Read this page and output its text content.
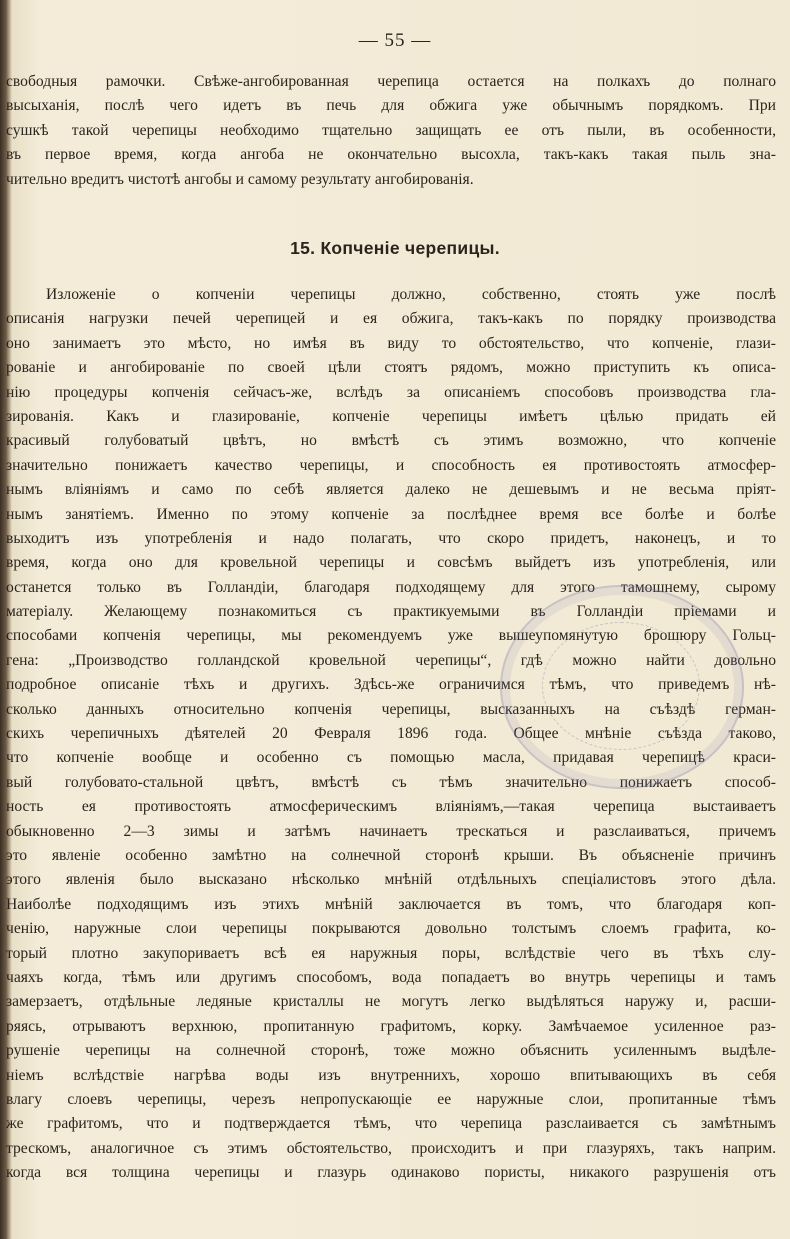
— 55 —
свободныя рамочки. Свѣже-ангобированная черепица остается на полкахъ до полнаго
высыханія, послѣ чего идетъ въ печь для обжига уже обычнымъ порядкомъ. При
сушкѣ такой черепицы необходимо тщательно защищать ее отъ пыли, въ особенности,
въ первое время, когда ангоба не окончательно высохла, такъ-какъ такая пыль зна-
чительно вредитъ чистотѣ ангобы и самому результату ангобированія.
15. Копченіе черепицы.
Изложеніе о копченіи черепицы должно, собственно, стоять уже послѣ
описанія нагрузки печей черепицей и ея обжига, такъ-какъ по порядку производства
оно занимаетъ это мѣсто, но имѣя въ виду то обстоятельство, что копченіе, глази-
рованіе и ангобированіе по своей цѣли стоятъ рядомъ, можно приступить къ описа-
нію процедуры копченія сейчасъ-же, вслѣдъ за описаніемъ способовъ производства гла-
зированія. Какъ и глазированіе, копченіе черепицы имѣетъ цѣлью придать ей
красивый голубоватый цвѣтъ, но вмѣстѣ съ этимъ возможно, что копченіе
значительно понижаетъ качество черепицы, и способность ея противостоять атмосфер-
нымъ вліяніямъ и само по себѣ является далеко не дешевымъ и не весьма пріят-
нымъ занятіемъ. Именно по этому копченіе за послѣднее время все болѣе и болѣе
выходитъ изъ употребленія и надо полагать, что скоро придетъ, наконецъ, и то
время, когда оно для кровельной черепицы и совсѣмъ выйдетъ изъ употребленія, или
останется только въ Голландіи, благодаря подходящему для этого тамошнему, сырому
матеріалу. Желающему познакомиться съ практикуемыми въ Голландіи пріемами и
способами копченія черепицы, мы рекомендуемъ уже вышеупомянутую брошюру Гольц-
гена: „Производство голландской кровельной черепицы“, гдѣ можно найти довольно
подробное описаніе тѣхъ и другихъ. Здѣсь-же ограничимся тѣмъ, что приведемъ нѣ-
сколько данныхъ относительно копченія черепицы, высказанныхъ на съѣздѣ герман-
скихъ черепичныхъ дѣятелей 20 Февраля 1896 года. Общее мнѣніе съѣзда таково,
что копченіе вообще и особенно съ помощью масла, придавая черепицѣ краси-
вый голубовато-стальной цвѣтъ, вмѣстѣ съ тѣмъ значительно понижаетъ способ-
ность ея противостоять атмосферическимъ вліяніямъ,—такая черепица выстаиваетъ
обыкновенно 2—3 зимы и затѣмъ начинаетъ трескаться и разслаиваться, причемъ
это явленіе особенно замѣтно на солнечной сторонѣ крыши. Въ объясненіе причинъ
этого явленія было высказано нѣсколько мнѣній отдѣльныхъ спеціалистовъ этого дѣла.
Наиболѣе подходящимъ изъ этихъ мнѣній заключается въ томъ, что благодаря коп-
ченію, наружные слои черепицы покрываются довольно толстымъ слоемъ графита, ко-
торый плотно закупориваетъ всѣ ея наружныя поры, вслѣдствіе чего въ тѣхъ слу-
чаяхъ когда, тѣмъ или другимъ способомъ, вода попадаетъ во внутрь черепицы и тамъ
замерзаетъ, отдѣльные ледяные кристаллы не могутъ легко выдѣляться наружу и, расши-
ряясь, отрываютъ верхнюю, пропитанную графитомъ, корку. Замѣчаемое усиленное раз-
рушеніе черепицы на солнечной сторонѣ, тоже можно объяснить усиленнымъ выдѣле-
ніемъ вслѣдствіе нагрѣва воды изъ внутреннихъ, хорошо впитывающихъ въ себя
влагу слоевъ черепицы, черезъ непропускающіе ее наружные слои, пропитанные тѣмъ
же графитомъ, что и подтверждается тѣмъ, что черепица разслаивается съ замѣтнымъ
трескомъ, аналогичное съ этимъ обстоятельство, происходитъ и при глазуряхъ, такъ наприм.
когда вся толщина черепицы и глазурь одинаково пористы, никакого разрушенія отъ
